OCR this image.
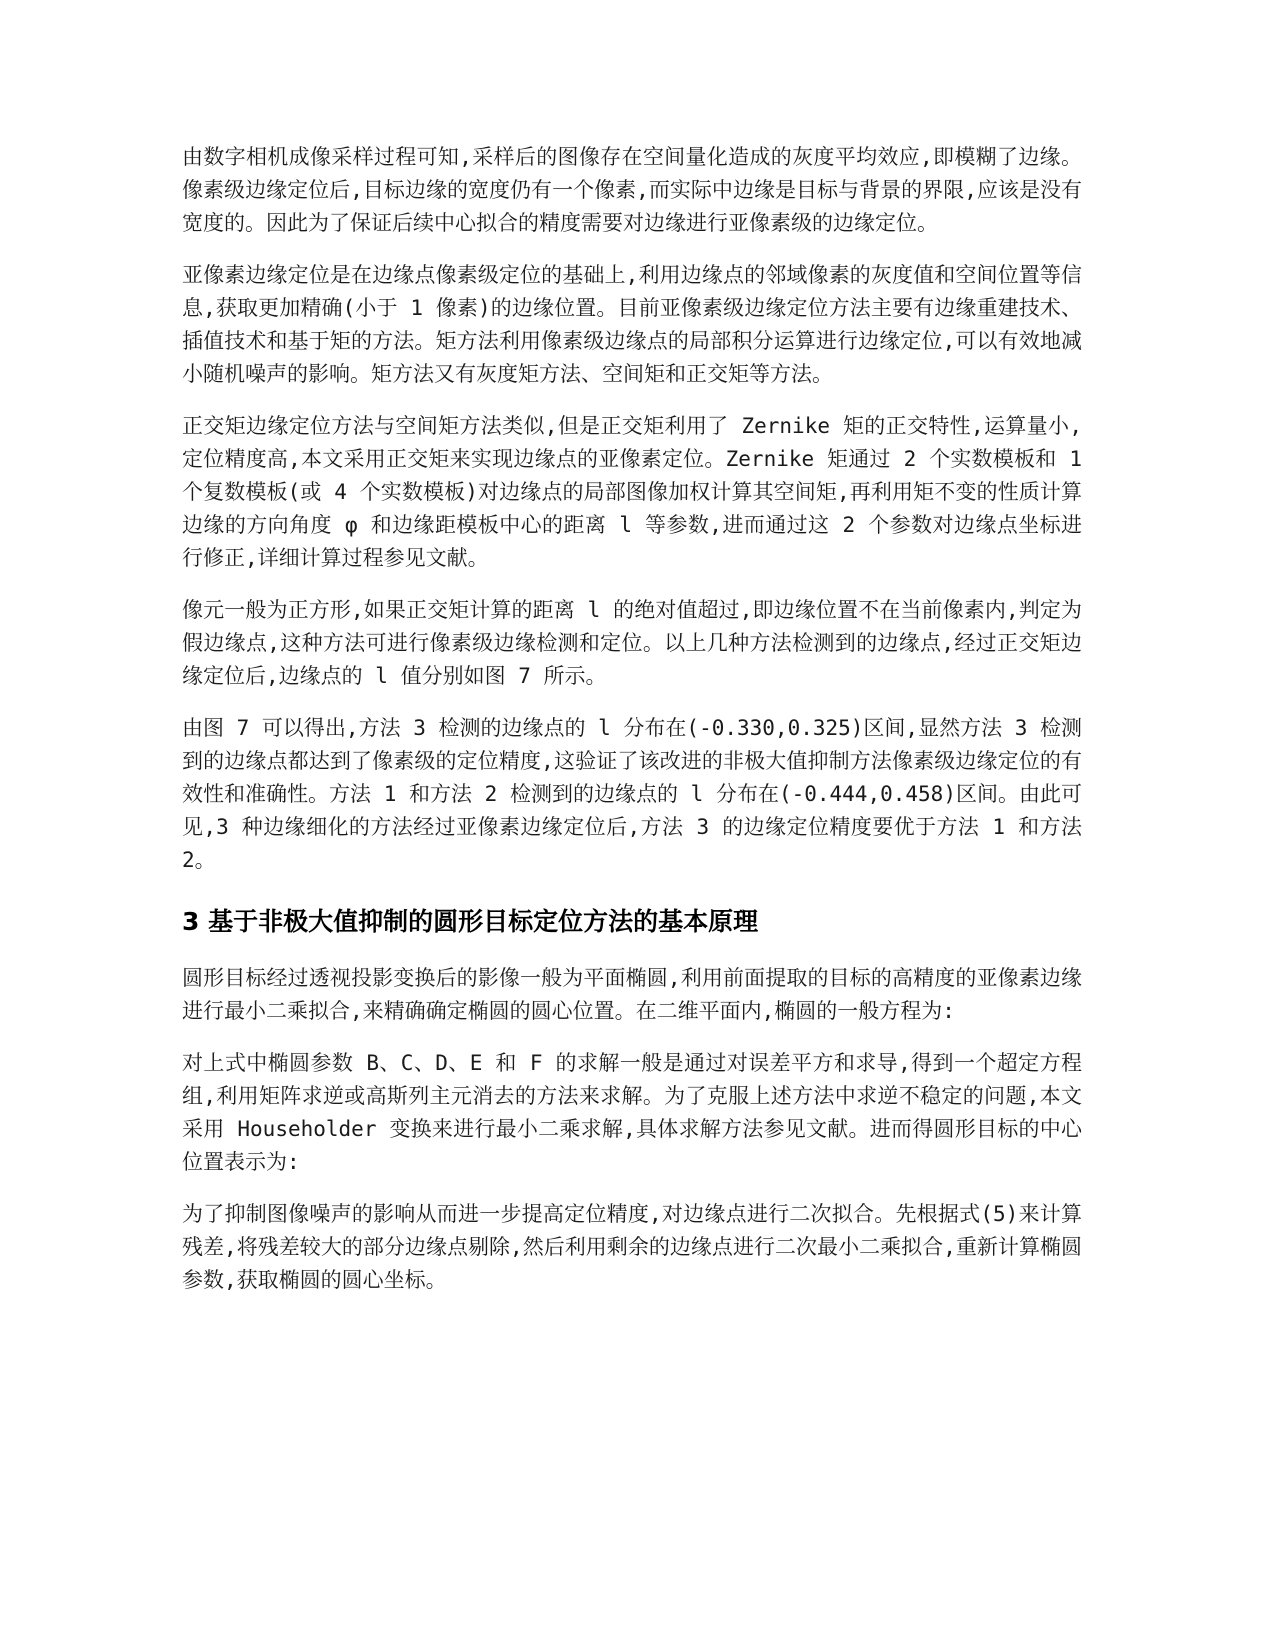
由数字相机成像采样过程可知,采样后的图像存在空间量化造成的灰度平均效应,即模糊了边缘。像素级边缘定位后,目标边缘的宽度仍有一个像素,而实际中边缘是目标与背景的界限,应该是没有宽度的。因此为了保证后续中心拟合的精度需要对边缘进行亚像素级的边缘定位。

亚像素边缘定位是在边缘点像素级定位的基础上,利用边缘点的邻域像素的灰度值和空间位置等信息,获取更加精确(小于 1 像素)的边缘位置。目前亚像素级边缘定位方法主要有边缘重建技术、插值技术和基于矩的方法。矩方法利用像素级边缘点的局部积分运算进行边缘定位,可以有效地减小随机噪声的影响。矩方法又有灰度矩方法、空间矩和正交矩等方法。

正交矩边缘定位方法与空间矩方法类似,但是正交矩利用了 Zernike 矩的正交特性,运算量小,定位精度高,本文采用正交矩来实现边缘点的亚像素定位。Zernike 矩通过 2 个实数模板和 1 个复数模板(或 4 个实数模板)对边缘点的局部图像加权计算其空间矩,再利用矩不变的性质计算边缘的方向角度 φ 和边缘距模板中心的距离 l 等参数,进而通过这 2 个参数对边缘点坐标进行修正,详细计算过程参见文献。

像元一般为正方形,如果正交矩计算的距离 l 的绝对值超过,即边缘位置不在当前像素内,判定为假边缘点,这种方法可进行像素级边缘检测和定位。以上几种方法检测到的边缘点,经过正交矩边缘定位后,边缘点的 l 值分别如图 7 所示。

由图 7 可以得出,方法 3 检测的边缘点的 l 分布在(-0.330,0.325)区间,显然方法 3 检测到的边缘点都达到了像素级的定位精度,这验证了该改进的非极大值抑制方法像素级边缘定位的有效性和准确性。方法 1 和方法 2 检测到的边缘点的 l 分布在(-0.444,0.458)区间。由此可见,3 种边缘细化的方法经过亚像素边缘定位后,方法 3 的边缘定位精度要优于方法 1 和方法 2。

3 基于非极大值抑制的圆形目标定位方法的基本原理

圆形目标经过透视投影变换后的影像一般为平面椭圆,利用前面提取的目标的高精度的亚像素边缘进行最小二乘拟合,来精确确定椭圆的圆心位置。在二维平面内,椭圆的一般方程为:

对上式中椭圆参数 B、C、D、E 和 F 的求解一般是通过对误差平方和求导,得到一个超定方程组,利用矩阵求逆或高斯列主元消去的方法来求解。为了克服上述方法中求逆不稳定的问题,本文采用 Householder 变换来进行最小二乘求解,具体求解方法参见文献。进而得圆形目标的中心位置表示为:

为了抑制图像噪声的影响从而进一步提高定位精度,对边缘点进行二次拟合。先根据式(5)来计算残差,将残差较大的部分边缘点剔除,然后利用剩余的边缘点进行二次最小二乘拟合,重新计算椭圆参数,获取椭圆的圆心坐标。
